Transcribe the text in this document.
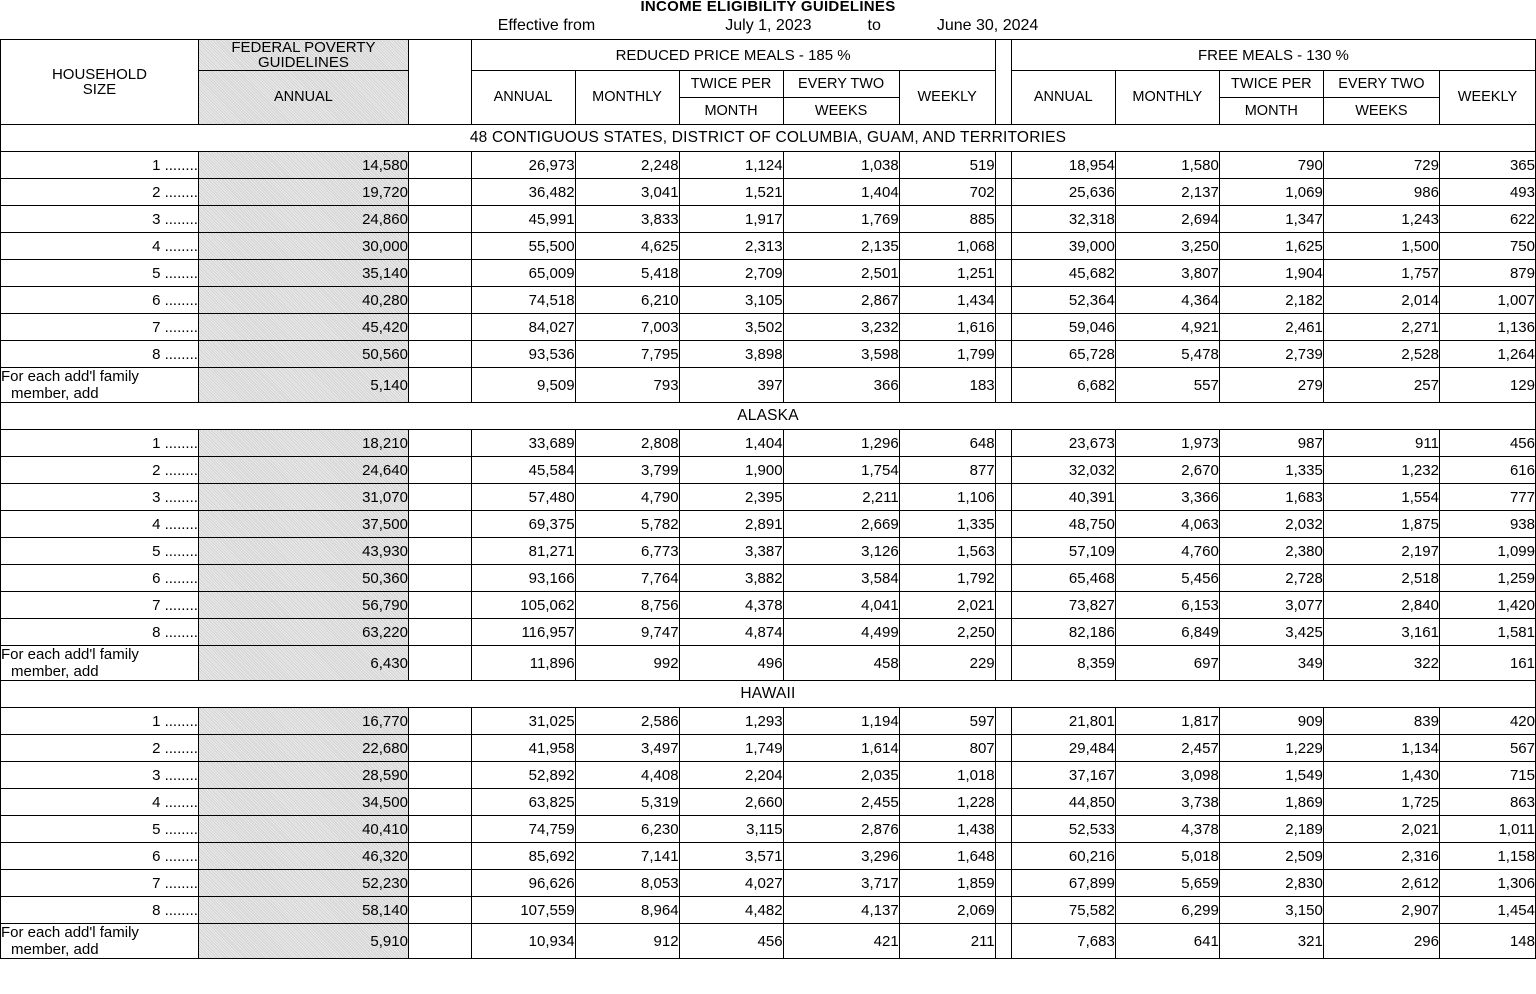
INCOME ELIGIBILITY GUIDELINES
Effective from	July 1, 2023	to	June 30, 2024
HOUSEHOLD
SIZE

FEDERAL POVERTY
GUIDELINES		REDUCED PRICE MEALS - 185 %		FREE MEALS - 130 %

	ANNUAL		ANNUAL	MONTHLY	TWICE PER	EVERY TWO	WEEKLY		ANNUAL	MONTHLY	TWICE PER	EVERY TWO	WEEKLY
					MONTH	WEEKS					MONTH	WEEKS	
48 CONTIGUOUS STATES, DISTRICT OF COLUMBIA, GUAM, AND TERRITORIES													
1 ........	14,580		26,973	2,248	1,124	1,038	519		18,954	1,580	790	729	365
2 ........	19,720		36,482	3,041	1,521	1,404	702		25,636	2,137	1,069	986	493
3 ........	24,860		45,991	3,833	1,917	1,769	885		32,318	2,694	1,347	1,243	622
4 ........	30,000		55,500	4,625	2,313	2,135	1,068		39,000	3,250	1,625	1,500	750
5 ........	35,140		65,009	5,418	2,709	2,501	1,251		45,682	3,807	1,904	1,757	879
6 ........	40,280		74,518	6,210	3,105	2,867	1,434		52,364	4,364	2,182	2,014	1,007
7 ........	45,420		84,027	7,003	3,502	3,232	1,616		59,046	4,921	2,461	2,271	1,136
8 ........	50,560		93,536	7,795	3,898	3,598	1,799		65,728	5,478	2,739	2,528	1,264
For each add'l family
member, add	5,140		9,509	793	397	366	183		6,682	557	279	257	129
ALASKA													
1 ........	18,210		33,689	2,808	1,404	1,296	648		23,673	1,973	987	911	456
2 ........	24,640		45,584	3,799	1,900	1,754	877		32,032	2,670	1,335	1,232	616
3 ........	31,070		57,480	4,790	2,395	2,211	1,106		40,391	3,366	1,683	1,554	777
4 ........	37,500		69,375	5,782	2,891	2,669	1,335		48,750	4,063	2,032	1,875	938
5 ........	43,930		81,271	6,773	3,387	3,126	1,563		57,109	4,760	2,380	2,197	1,099
6 ........	50,360		93,166	7,764	3,882	3,584	1,792		65,468	5,456	2,728	2,518	1,259
7 ........	56,790		105,062	8,756	4,378	4,041	2,021		73,827	6,153	3,077	2,840	1,420
8 ........	63,220		116,957	9,747	4,874	4,499	2,250		82,186	6,849	3,425	3,161	1,581
For each add'l family
member, add	6,430		11,896	992	496	458	229		8,359	697	349	322	161
HAWAII													
1 ........	16,770		31,025	2,586	1,293	1,194	597		21,801	1,817	909	839	420
2 ........	22,680		41,958	3,497	1,749	1,614	807		29,484	2,457	1,229	1,134	567
3 ........	28,590		52,892	4,408	2,204	2,035	1,018		37,167	3,098	1,549	1,430	715
4 ........	34,500		63,825	5,319	2,660	2,455	1,228		44,850	3,738	1,869	1,725	863
5 ........	40,410		74,759	6,230	3,115	2,876	1,438		52,533	4,378	2,189	2,021	1,011
6 ........	46,320		85,692	7,141	3,571	3,296	1,648		60,216	5,018	2,509	2,316	1,158
7 ........	52,230		96,626	8,053	4,027	3,717	1,859		67,899	5,659	2,830	2,612	1,306
8 ........	58,140		107,559	8,964	4,482	4,137	2,069		75,582	6,299	3,150	2,907	1,454
For each add'l family
member, add	5,910		10,934	912	456	421	211		7,683	641	321	296	148
